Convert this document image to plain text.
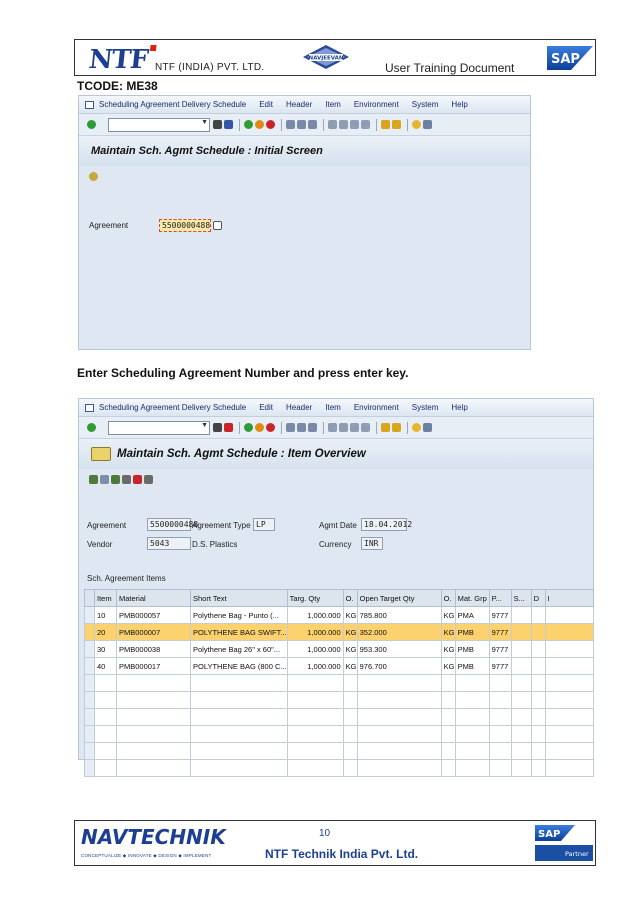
NTF NTF (INDIA) PVT. LTD.
NAVJEEVAN
User Training Document
SAP
TCODE: ME38
Scheduling Agreement Delivery Schedule Edit Header Item Environment System Help
▼
Maintain Sch. Agmt Schedule : Initial Screen
Agreement	5500000488
Enter Scheduling Agreement Number and press enter key.
Scheduling Agreement Delivery Schedule Edit Header Item Environment System Help
▼
Maintain Sch. Agmt Schedule : Item Overview
Agreement	5500000488
Agreement Type LP	Agmt Date 18.04.2012
Vendor	5043	D.S. Plastics	Currency	INR
Sch. Agreement Items
	Item	Material	Short Text	Targ. Qty	O.	Open Target Qty	O.	Mat. Grp	P...	S...	D	I
	10	PMB000057	Polythene Bag - Punto (...	1,000.000	KG	785.800	KG	PMA	9777			
	20	PMB000007	POLYTHENE BAG SWIFT...	1,000.000	KG	352.000	KG	PMB	9777			
	30	PMB000038	Polythene Bag 26" x 60"...	1,000.000	KG	953.300	KG	PMB	9777			
	40	PMB000017	POLYTHENE BAG (800 C...	1,000.000	KG	976.700	KG	PMB	9777			

NAVTECHNIK
CONCEPTUALIZE ◆ INNOVATE ◆ DESIGN ◆ IMPLEMENT
10
NTF Technik India Pvt. Ltd.
SAP
Partner
